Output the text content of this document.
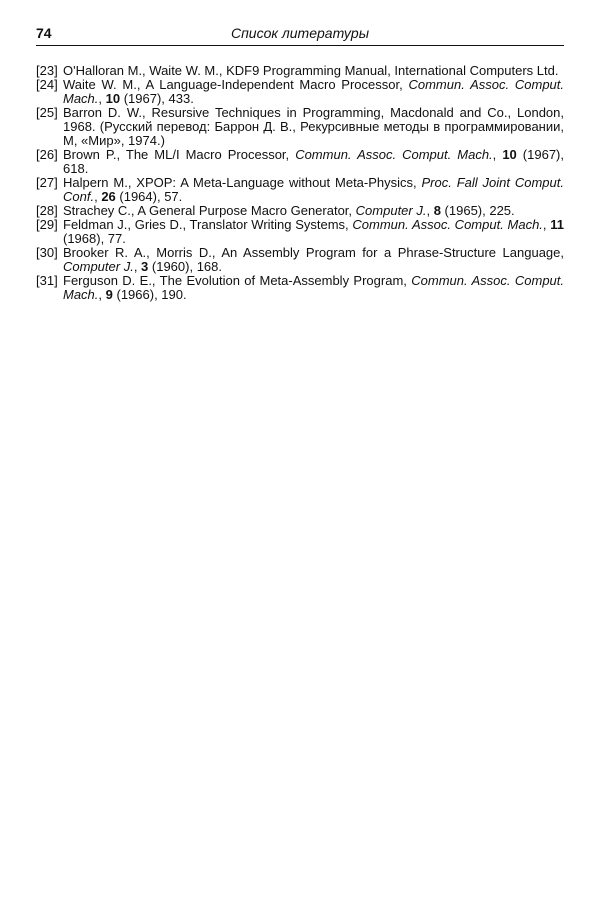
74	Список литературы
[23] O'Halloran M., Waite W. M., KDF9 Programming Manual, International Computers Ltd.
[24] Waite W. M., A Language-Independent Macro Processor, Commun. Assoc. Comput. Mach., 10 (1967), 433.
[25] Barron D. W., Resursive Techniques in Programming, Macdonald and Co., London, 1968. (Русский перевод: Баррон Д. В., Рекурсивные методы в программировании, М, «Мир», 1974.)
[26] Brown P., The ML/I Macro Processor, Commun. Assoc. Comput. Mach., 10 (1967), 618.
[27] Halpern M., XPOP: A Meta-Language without Meta-Physics, Proc. Fall Joint Comput. Conf., 26 (1964), 57.
[28] Strachey C., A General Purpose Macro Generator, Computer J., 8 (1965), 225.
[29] Feldman J., Gries D., Translator Writing Systems, Commun. Assoc. Comput. Mach., 11 (1968), 77.
[30] Brooker R. A., Morris D., An Assembly Program for a Phrase-Structure Language, Computer J., 3 (1960), 168.
[31] Ferguson D. E., The Evolution of Meta-Assembly Program, Commun. Assoc. Comput. Mach., 9 (1966), 190.
